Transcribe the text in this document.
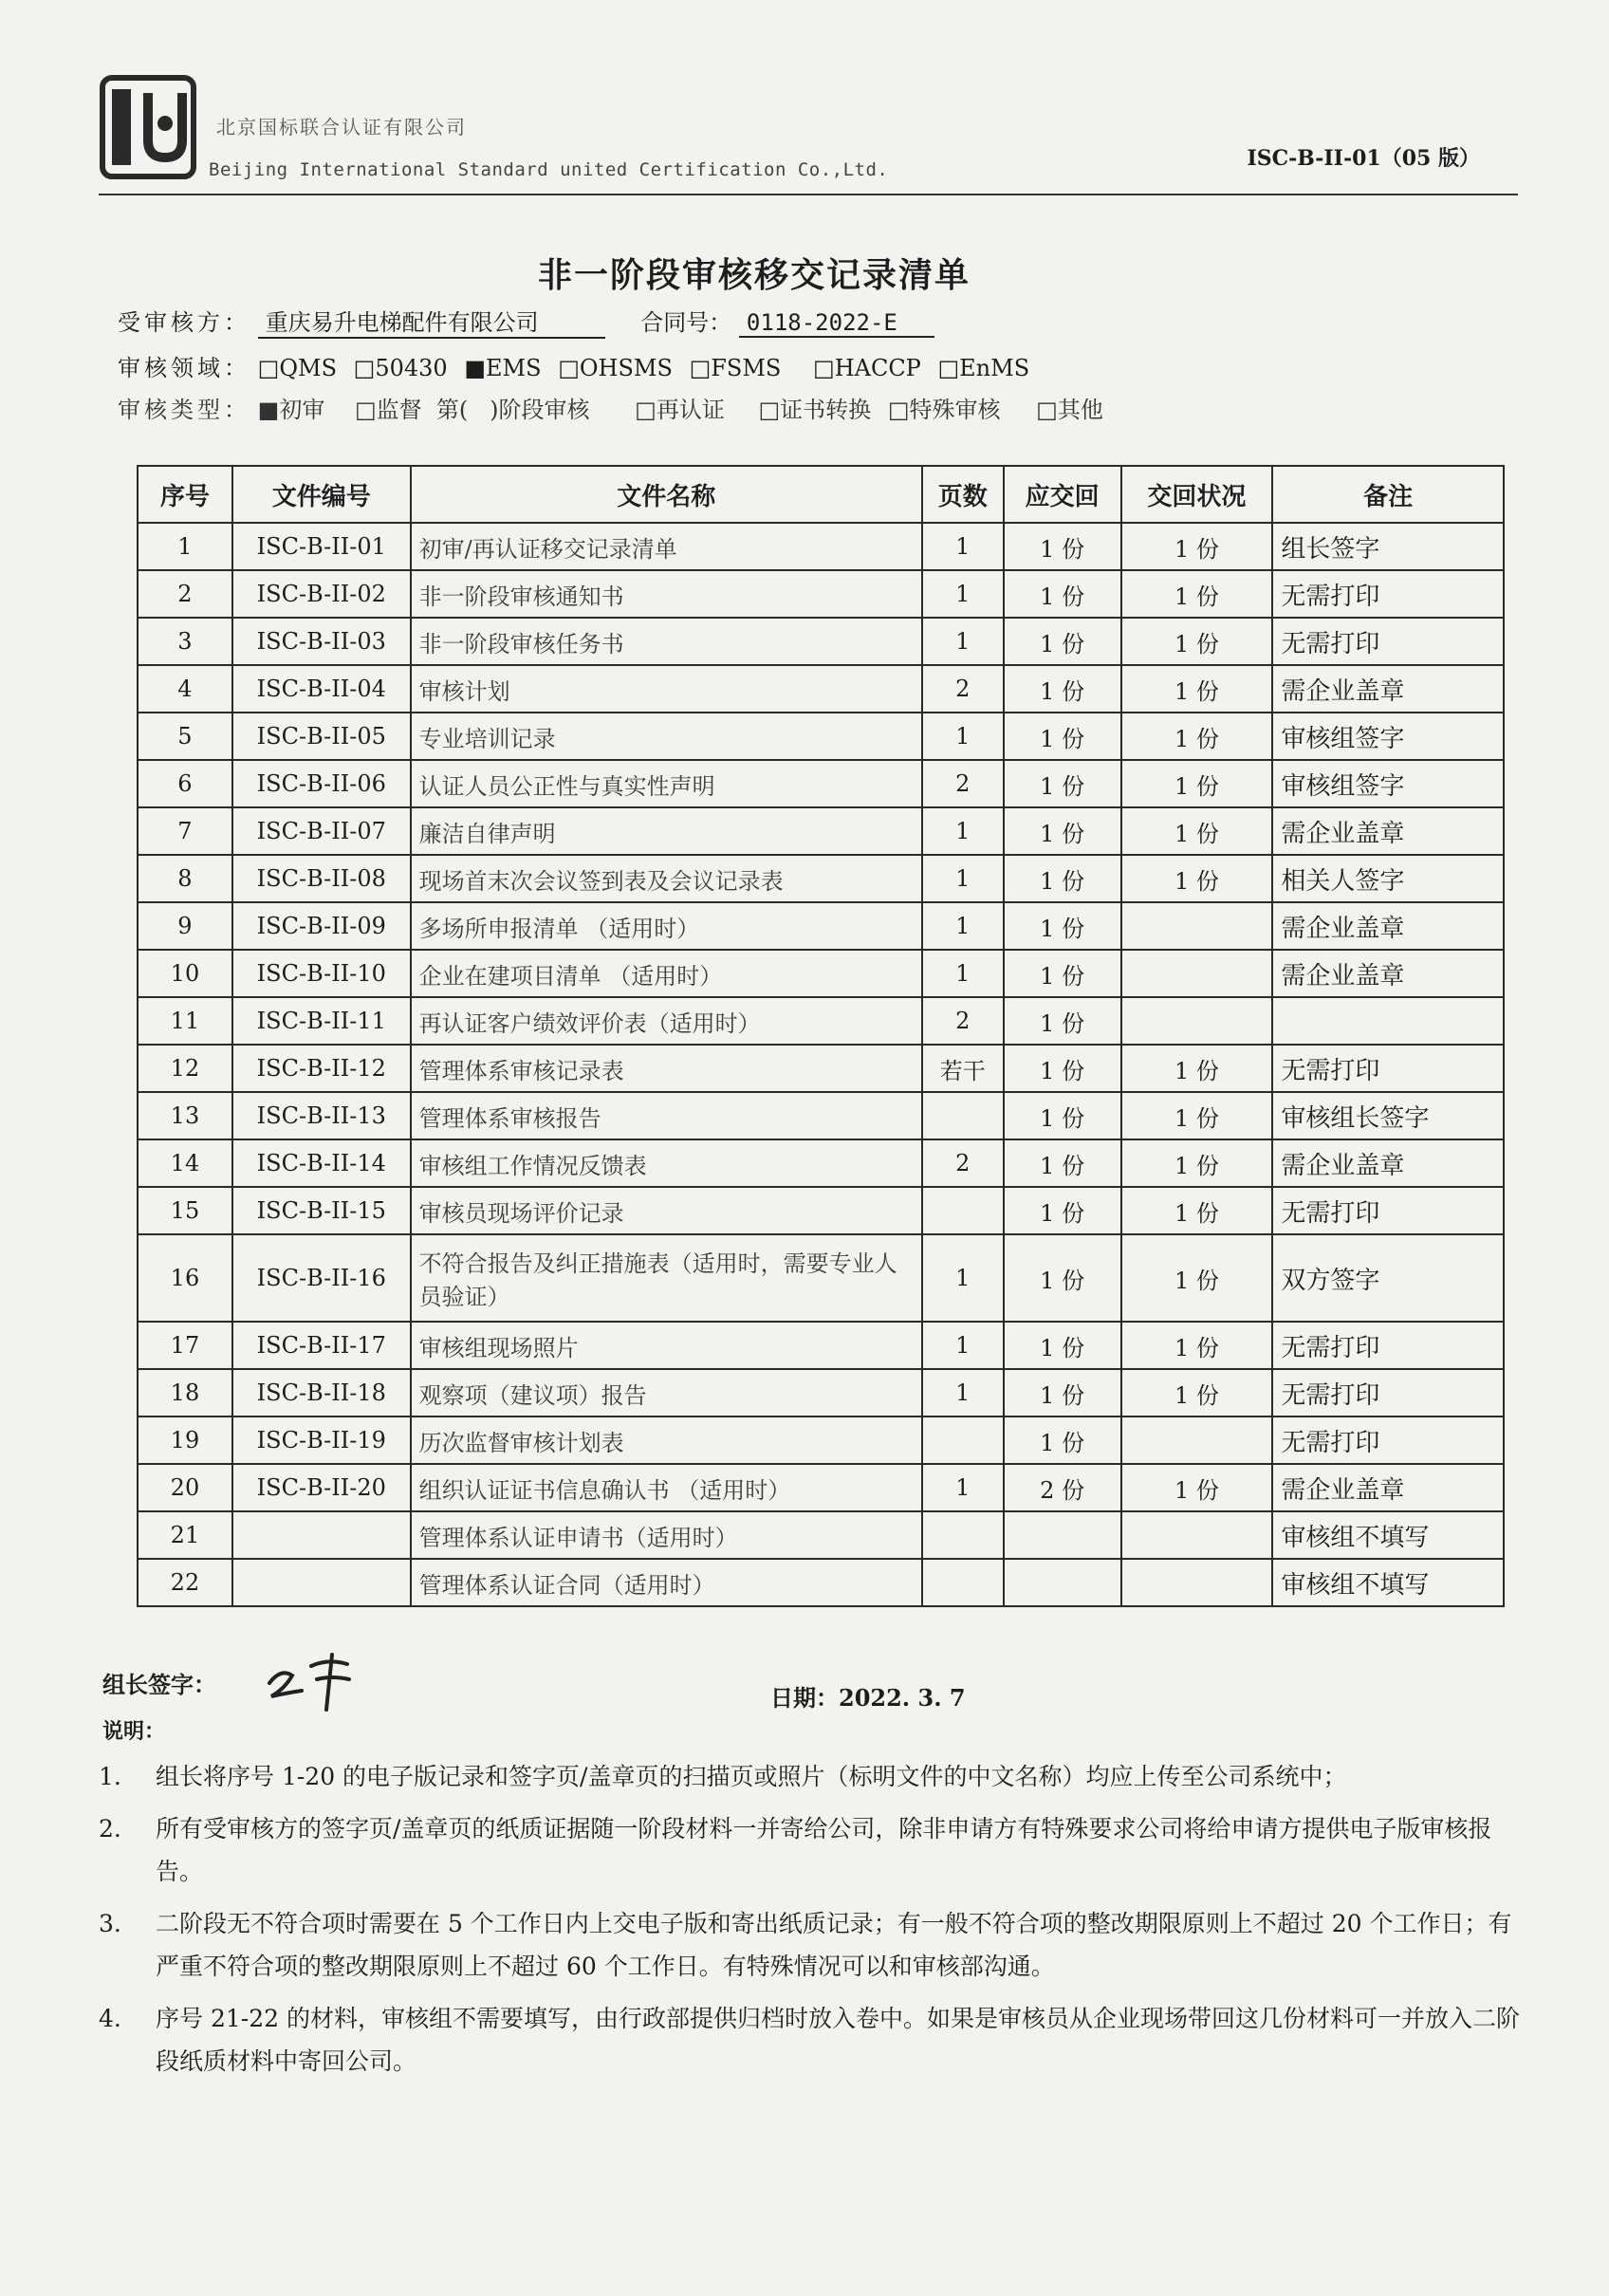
北京国标联合认证有限公司
Beijing International Standard united Certification Co.,Ltd.	ISC-B-II-01（05 版）
非一阶段审核移交记录清单
受审核方： 重庆易升电梯配件有限公司	合同号： 0118-2022-E
审核领域： □QMS □50430 ■EMS □OHSMS □FSMS □HACCP □EnMS
审核类型： ■初审 □监督  第(   )阶段审核 □再认证 □证书转换 □特殊审核 □其他
序号	文件编号	文件名称	页数	应交回	交回状况	备注
1	ISC-B-II-01	初审/再认证移交记录清单	1	1 份	1 份	组长签字
2	ISC-B-II-02	非一阶段审核通知书	1	1 份	1 份	无需打印
3	ISC-B-II-03	非一阶段审核任务书	1	1 份	1 份	无需打印
4	ISC-B-II-04	审核计划	2	1 份	1 份	需企业盖章
5	ISC-B-II-05	专业培训记录	1	1 份	1 份	审核组签字
6	ISC-B-II-06	认证人员公正性与真实性声明	2	1 份	1 份	审核组签字
7	ISC-B-II-07	廉洁自律声明	1	1 份	1 份	需企业盖章
8	ISC-B-II-08	现场首末次会议签到表及会议记录表	1	1 份	1 份	相关人签字
9	ISC-B-II-09	多场所申报清单 （适用时）	1	1 份		需企业盖章
10	ISC-B-II-10	企业在建项目清单 （适用时）	1	1 份		需企业盖章
11	ISC-B-II-11	再认证客户绩效评价表（适用时）	2	1 份		
12	ISC-B-II-12	管理体系审核记录表	若干	1 份	1 份	无需打印
13	ISC-B-II-13	管理体系审核报告		1 份	1 份	审核组长签字
14	ISC-B-II-14	审核组工作情况反馈表	2	1 份	1 份	需企业盖章
15	ISC-B-II-15	审核员现场评价记录		1 份	1 份	无需打印
16	ISC-B-II-16	不符合报告及纠正措施表（适用时，需要专业人员验证）	1	1 份	1 份	双方签字
17	ISC-B-II-17	审核组现场照片	1	1 份	1 份	无需打印
18	ISC-B-II-18	观察项（建议项）报告	1	1 份	1 份	无需打印
19	ISC-B-II-19	历次监督审核计划表		1 份		无需打印
20	ISC-B-II-20	组织认证证书信息确认书 （适用时）	1	2 份	1 份	需企业盖章
21		管理体系认证申请书（适用时）				审核组不填写
22		管理体系认证合同（适用时）				审核组不填写
组长签字：	日期：2022. 3. 7
说明：
1.	组长将序号 1-20 的电子版记录和签字页/盖章页的扫描页或照片（标明文件的中文名称）均应上传至公司系统中；
2.	所有受审核方的签字页/盖章页的纸质证据随一阶段材料一并寄给公司，除非申请方有特殊要求公司将给申请方提供电子版审核报告。
3.	二阶段无不符合项时需要在 5 个工作日内上交电子版和寄出纸质记录；有一般不符合项的整改期限原则上不超过 20 个工作日；有严重不符合项的整改期限原则上不超过 60 个工作日。有特殊情况可以和审核部沟通。
4.	序号 21-22 的材料，审核组不需要填写，由行政部提供归档时放入卷中。如果是审核员从企业现场带回这几份材料可一并放入二阶段纸质材料中寄回公司。
